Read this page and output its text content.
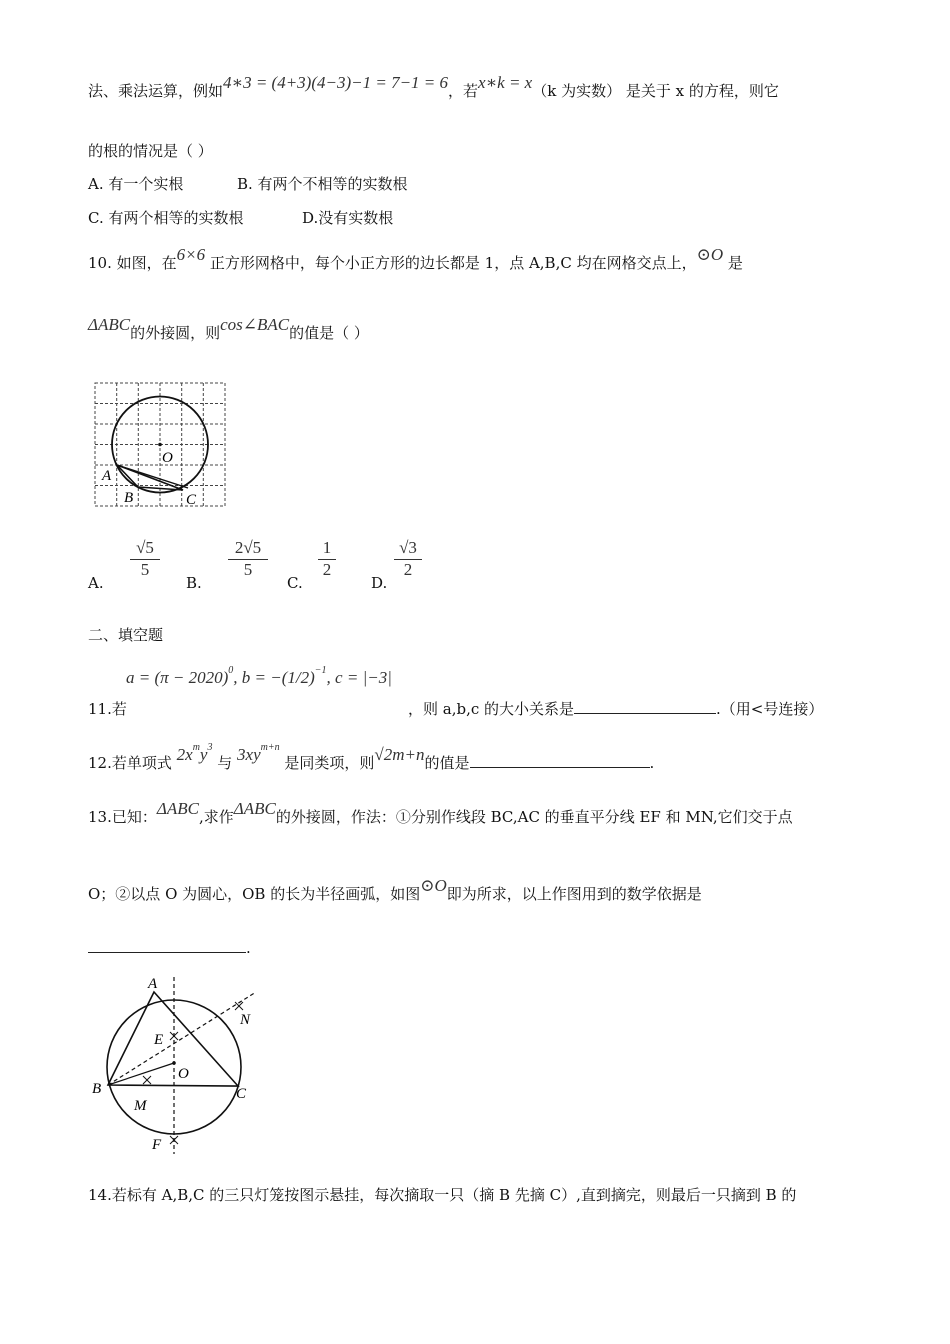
法、乘法运算，例如4∗3 = (4+3)(4−3)−1 = 7−1 = 6，若x∗k = x（k 为实数） 是关于 x 的方程，则它
的根的情况是（ ）
A. 有一个实根	B. 有两个不相等的实数根
C. 有两个相等的实数根	D.没有实数根
10. 如图，在6×6 正方形网格中，每个小正方形的边长都是 1，点 A,B,C 均在网格交点上，⊙O 是
ΔABC的外接圆，则cos∠BAC的值是（ ）
O
A
B	C
A.
√5
5
B.
2√5
5
C.
1
2
D.
√3
2
二、填空题
11.若
$a = (\pi - 2020)^0$, $b = -(1/2)^{-1}$, c = |−3|
，则 a,b,c 的大小关系是	.（用<号连接）
12.若单项式 $2x^my^3$ 与 $3xy^{m+n}$ 是同类项，则√2m+n的值是	.
13.已知：ΔABC,求作ΔABC的外接圆，作法：①分别作线段 BC,AC 的垂直平分线 EF 和 MN,它们交于点
O；②以点 O 为圆心，OB 的长为半径画弧，如图⊙O即为所求，以上作图用到的数学依据是
.
A
N
E
O
B	C
M
F
14.若标有 A,B,C 的三只灯笼按图示悬挂，每次摘取一只（摘 B 先摘 C）,直到摘完，则最后一只摘到 B 的
